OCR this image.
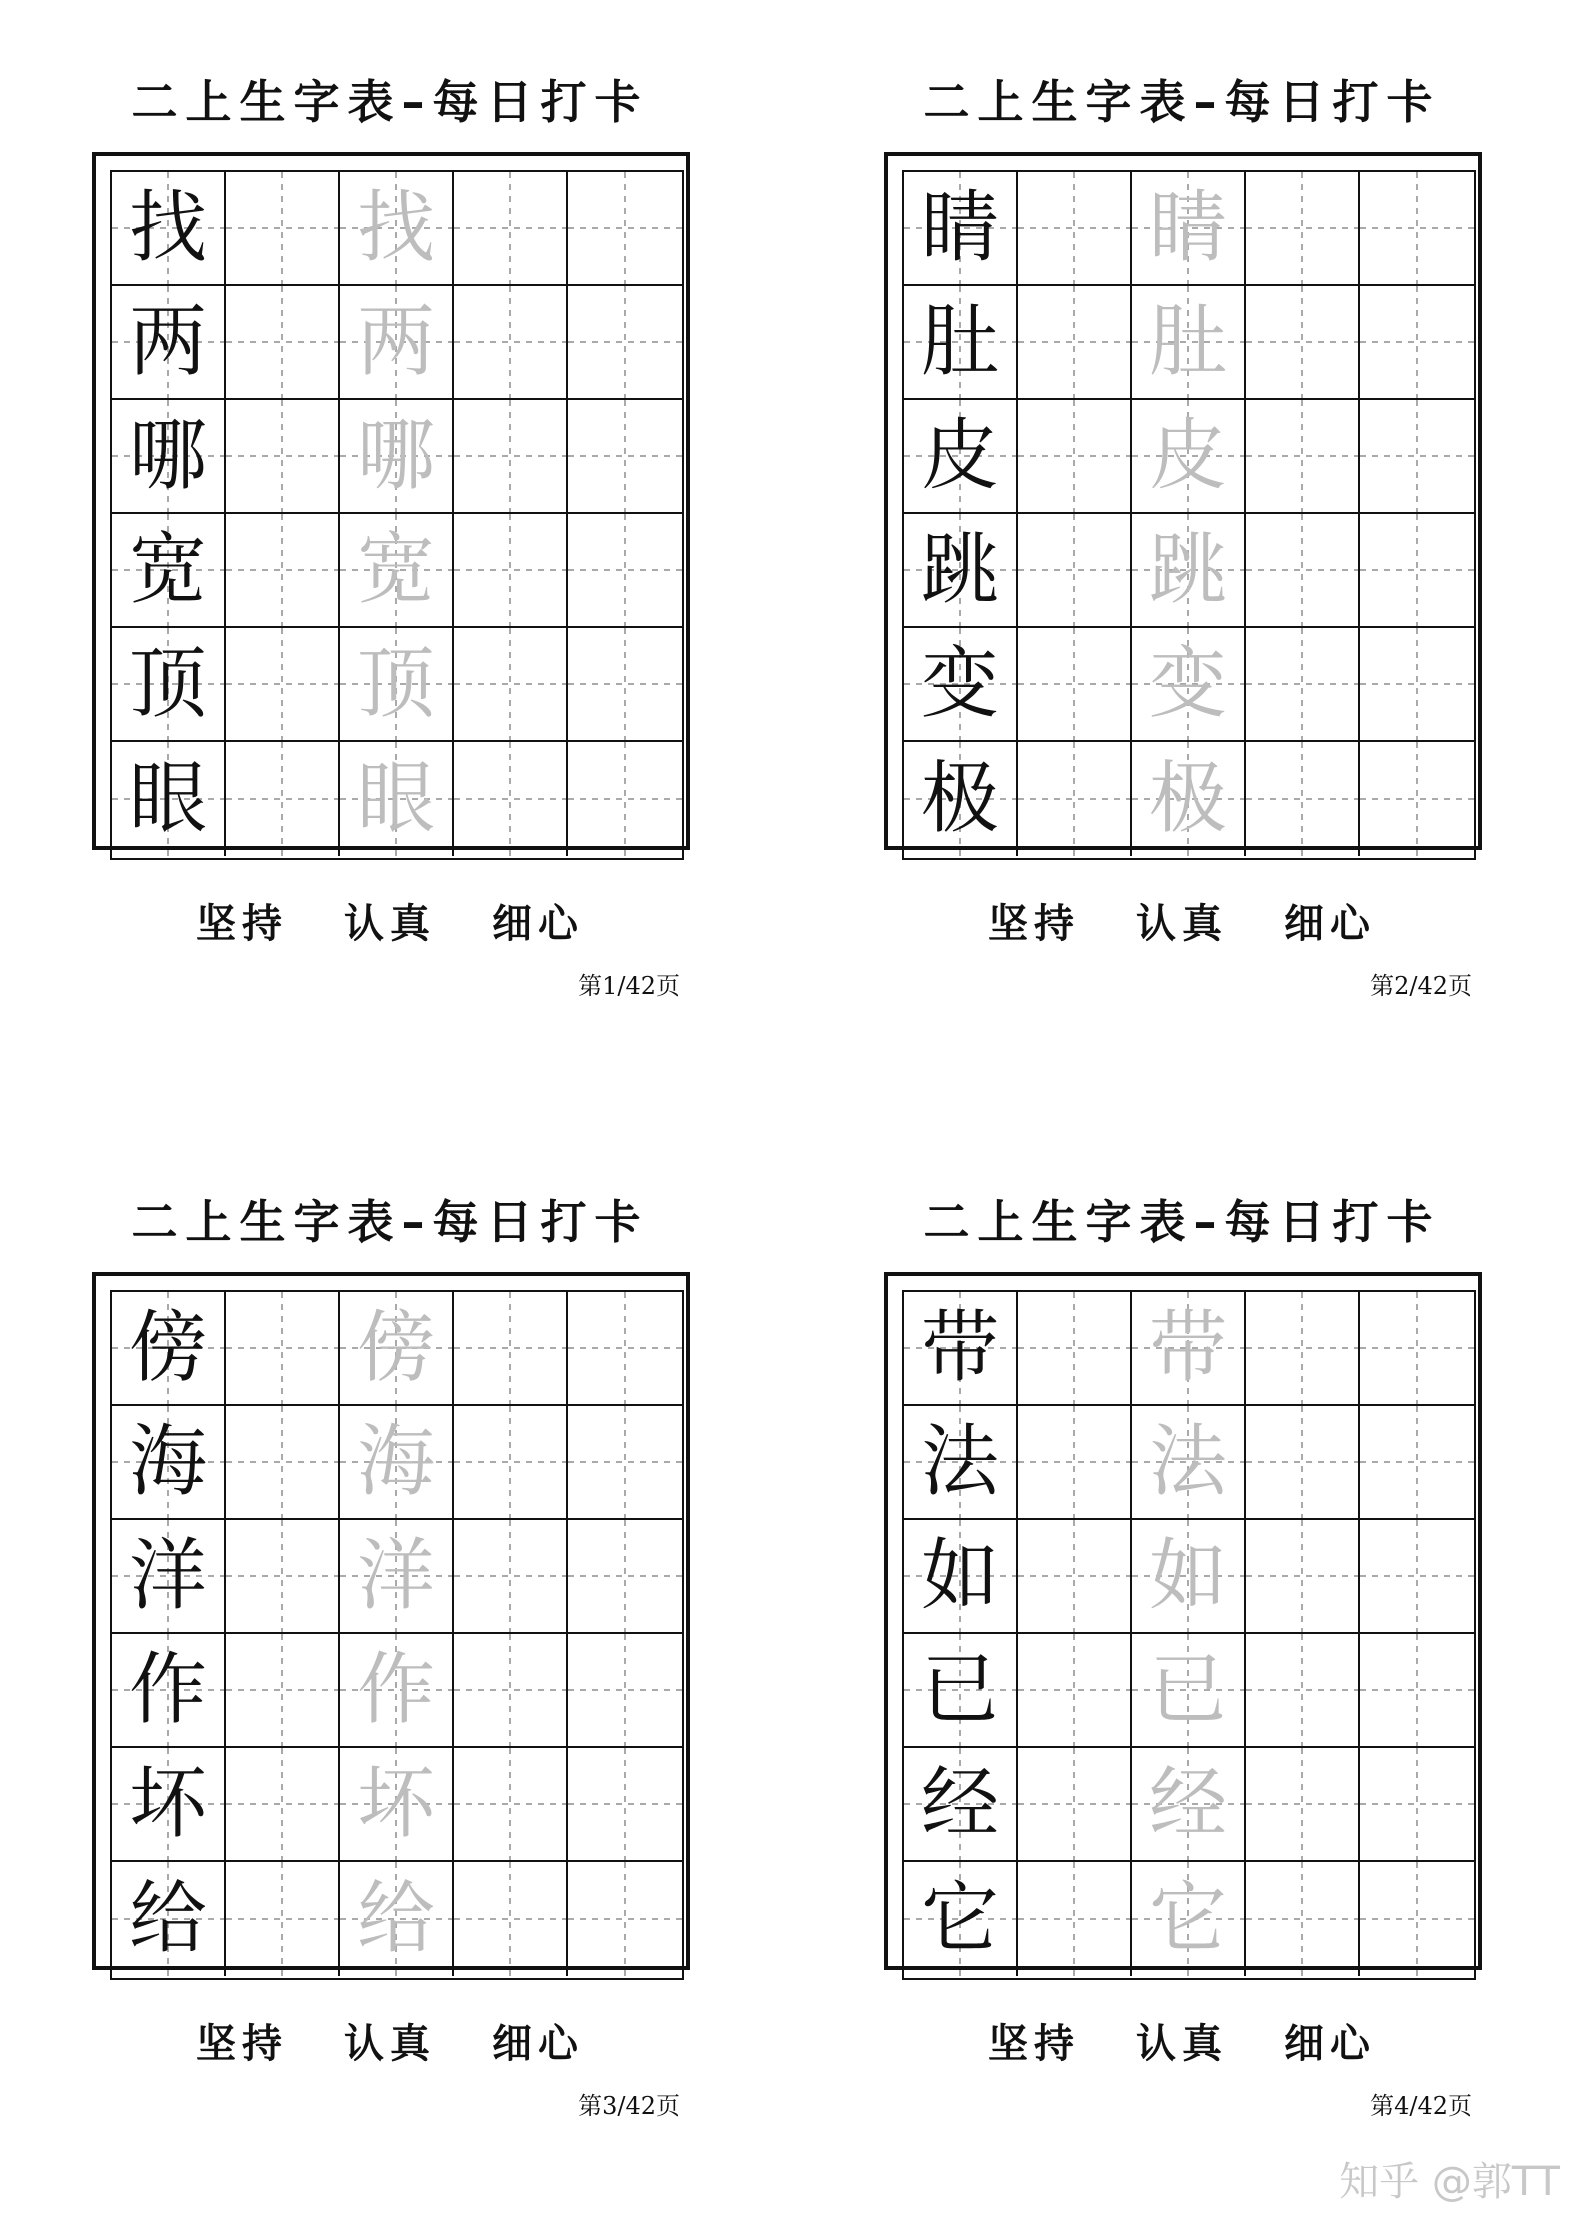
二上生字表–每日打卡
找 找
两 两
哪 哪
宽 宽
顶 顶
眼 眼
坚持 认真 细心
第1/42页
二上生字表–每日打卡
睛 睛
肚 肚
皮 皮
跳 跳
变 变
极 极
坚持 认真 细心
第2/42页
二上生字表–每日打卡
傍 傍
海 海
洋 洋
作 作
坏 坏
给 给
坚持 认真 细心
第3/42页
二上生字表–每日打卡
带 带
法 法
如 如
已 已
经 经
它 它
坚持 认真 细心
第4/42页
知乎 @郭TT
